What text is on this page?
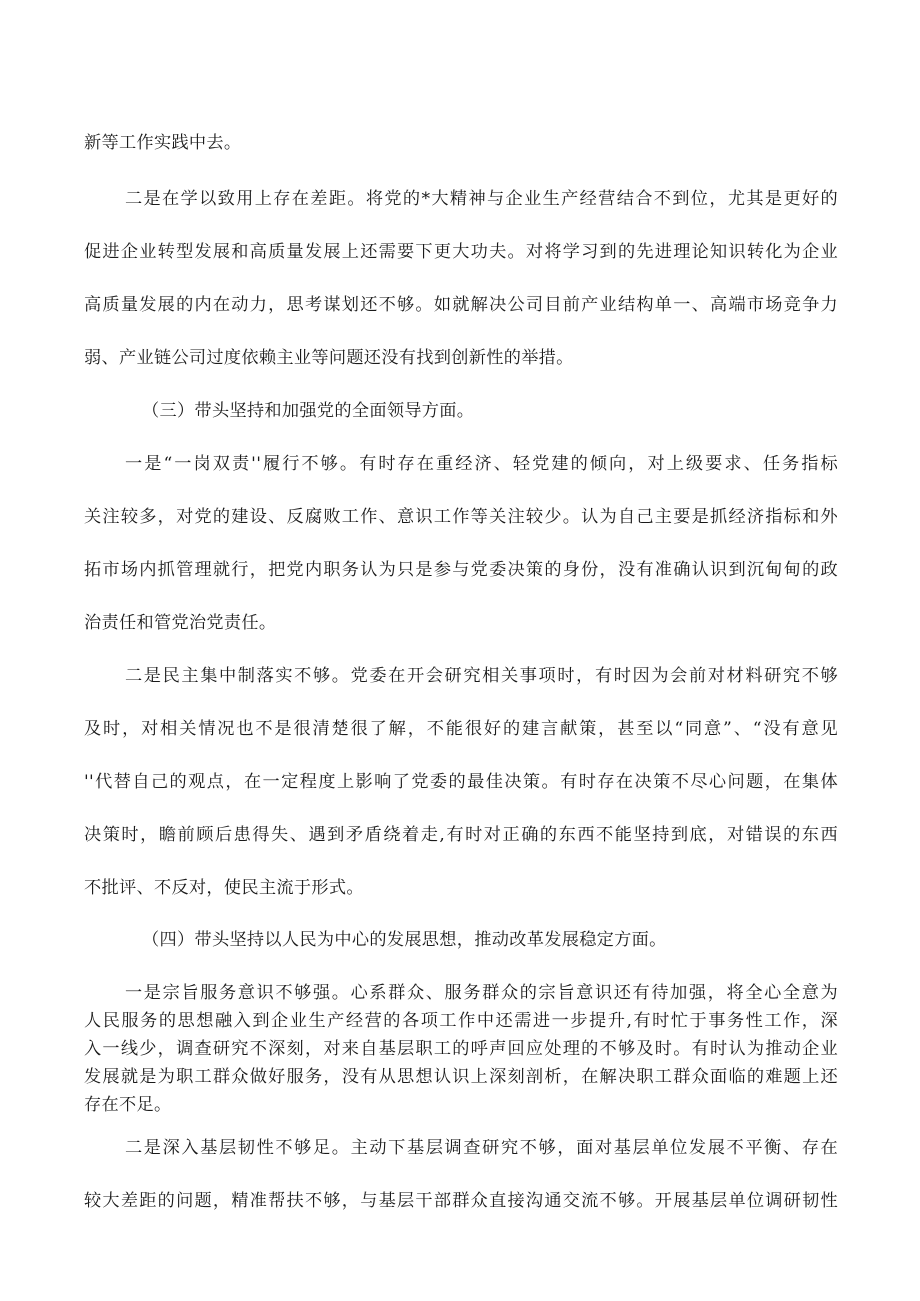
新等工作实践中去。
二是在学以致用上存在差距。将党的*大精神与企业生产经营结合不到位，尤其是更好的
促进企业转型发展和高质量发展上还需要下更大功夫。对将学习到的先进理论知识转化为企业
高质量发展的内在动力，思考谋划还不够。如就解决公司目前产业结构单一、高端市场竞争力
弱、产业链公司过度依赖主业等问题还没有找到创新性的举措。
（三）带头坚持和加强党的全面领导方面。
一是“一岗双责''履行不够。有时存在重经济、轻党建的倾向，对上级要求、任务指标
关注较多，对党的建设、反腐败工作、意识工作等关注较少。认为自己主要是抓经济指标和外
拓市场内抓管理就行，把党内职务认为只是参与党委决策的身份，没有准确认识到沉甸甸的政
治责任和管党治党责任。
二是民主集中制落实不够。党委在开会研究相关事项时，有时因为会前对材料研究不够
及时，对相关情况也不是很清楚很了解，不能很好的建言献策，甚至以“同意”、“没有意见
''代替自己的观点，在一定程度上影响了党委的最佳决策。有时存在决策不尽心问题，在集体
决策时，瞻前顾后患得失、遇到矛盾绕着走,有时对正确的东西不能坚持到底，对错误的东西
不批评、不反对，使民主流于形式。
（四）带头坚持以人民为中心的发展思想，推动改革发展稳定方面。
一是宗旨服务意识不够强。心系群众、服务群众的宗旨意识还有待加强，将全心全意为
人民服务的思想融入到企业生产经营的各项工作中还需进一步提升,有时忙于事务性工作，深
入一线少，调查研究不深刻，对来自基层职工的呼声回应处理的不够及时。有时认为推动企业
发展就是为职工群众做好服务，没有从思想认识上深刻剖析，在解决职工群众面临的难题上还
存在不足。
二是深入基层韧性不够足。主动下基层调查研究不够，面对基层单位发展不平衡、存在
较大差距的问题，精准帮扶不够，与基层干部群众直接沟通交流不够。开展基层单位调研韧性
